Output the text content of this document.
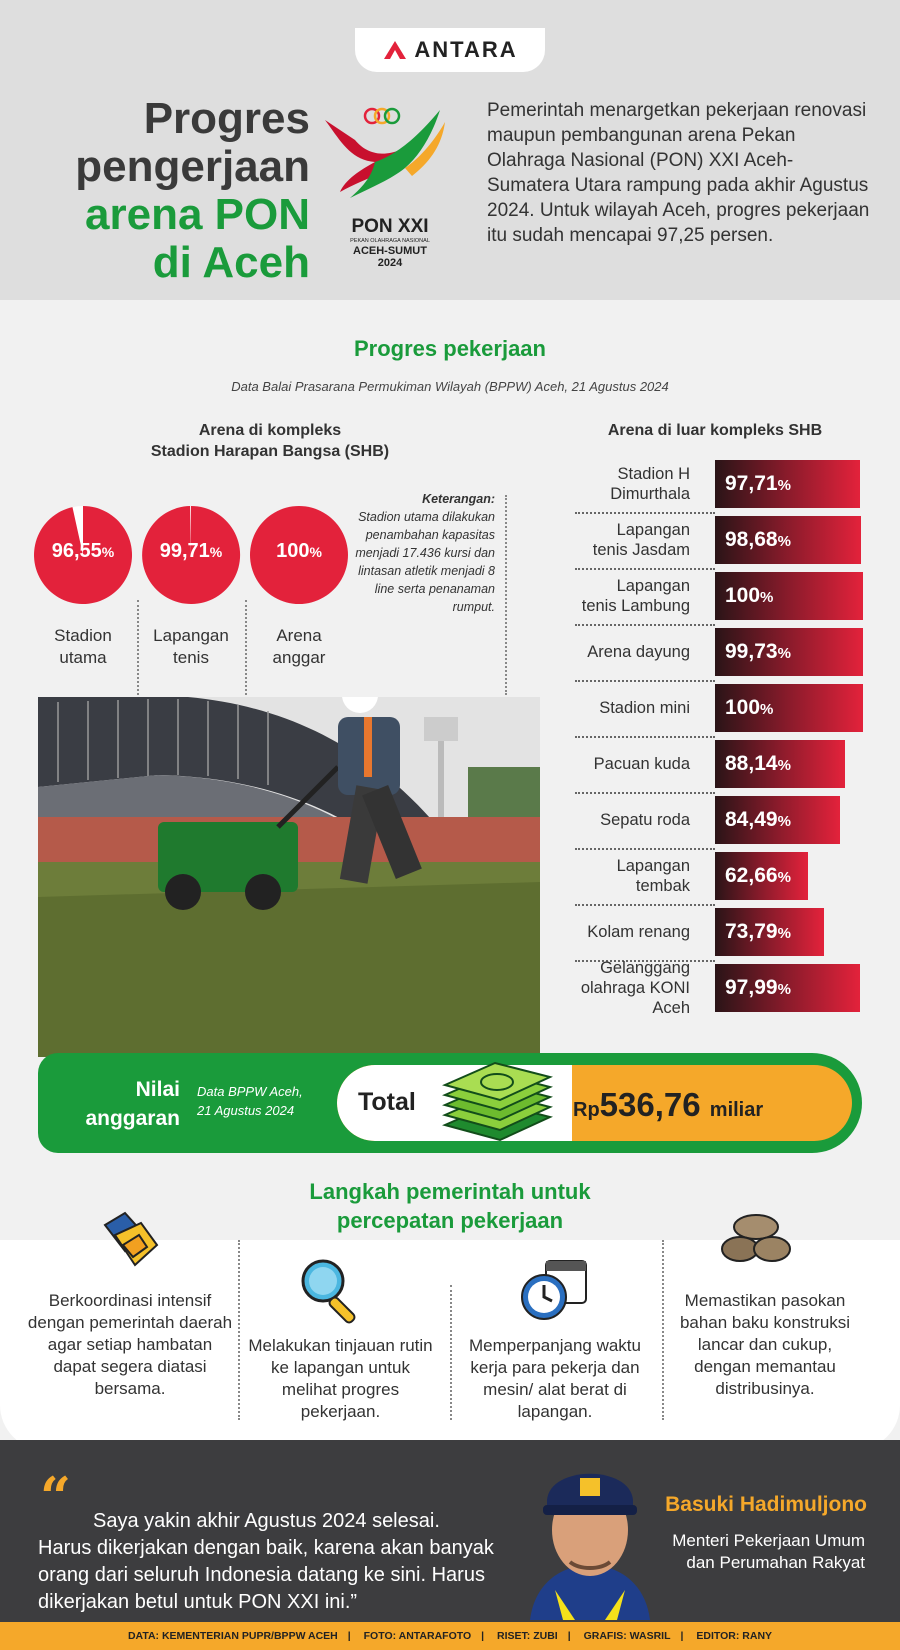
ANTARA
Progres
pengerjaan
arena PON
di Aceh
PON XXI
PEKAN OLAHRAGA NASIONAL
ACEH-SUMUT
2024

Pemerintah menargetkan pekerjaan renovasi maupun pembangunan arena Pekan Olahraga Nasional (PON) XXI Aceh-Sumatera Utara rampung pada akhir Agustus 2024. Untuk wilayah Aceh, progres pekerjaan itu sudah mencapai 97,25 persen.

Progres pekerjaan
Data Balai Prasarana Permukiman Wilayah (BPPW) Aceh, 21 Agustus 2024
Arena di kompleks
Stadion Harapan Bangsa (SHB)
Arena di luar kompleks SHB
96,55%	99,71%	100%
Stadion
utama
Lapangan
tenis
Arena
anggar
Keterangan:
Stadion utama dilakukan penambahan kapasitas menjadi 17.436 kursi dan lintasan atletik menjadi 8 line serta penanaman rumput.
Stadion H
Dimurthala 97,71%
Lapangan
tenis Jasdam 98,68%
Lapangan
tenis Lambung 100%
Arena dayung 99,73%
Stadion mini 100%
Pacuan kuda 88,14%
Sepatu roda 84,49%
Lapangan
tembak 62,66%
Kolam renang 73,79%
Gelanggang
olahraga KONI
Aceh
97,99%
Nilai
anggaran
Data BPPW Aceh,
21 Agustus 2024	Total	Rp536,76 miliar
Langkah pemerintah untuk
percepatan pekerjaan
Berkoordinasi intensif dengan pemerintah daerah agar setiap hambatan dapat segera diatasi bersama.
Melakukan tinjauan rutin ke lapangan untuk melihat progres pekerjaan.
Memperpanjang waktu kerja para pekerja dan mesin/ alat berat di lapangan.
Memastikan pasokan bahan baku konstruksi lancar dan cukup, dengan memantau distribusinya.
“	Saya yakin akhir Agustus 2024 selesai.
Harus dikerjakan dengan baik, karena akan banyak orang dari seluruh Indonesia datang ke sini. Harus dikerjakan betul untuk PON XXI ini.”
Basuki Hadimuljono
Menteri Pekerjaan Umum dan Perumahan Rakyat
DATA: KEMENTERIAN PUPR/BPPW ACEH | FOTO: ANTARAFOTO | RISET: ZUBI | GRAFIS: WASRIL | EDITOR: RANY
